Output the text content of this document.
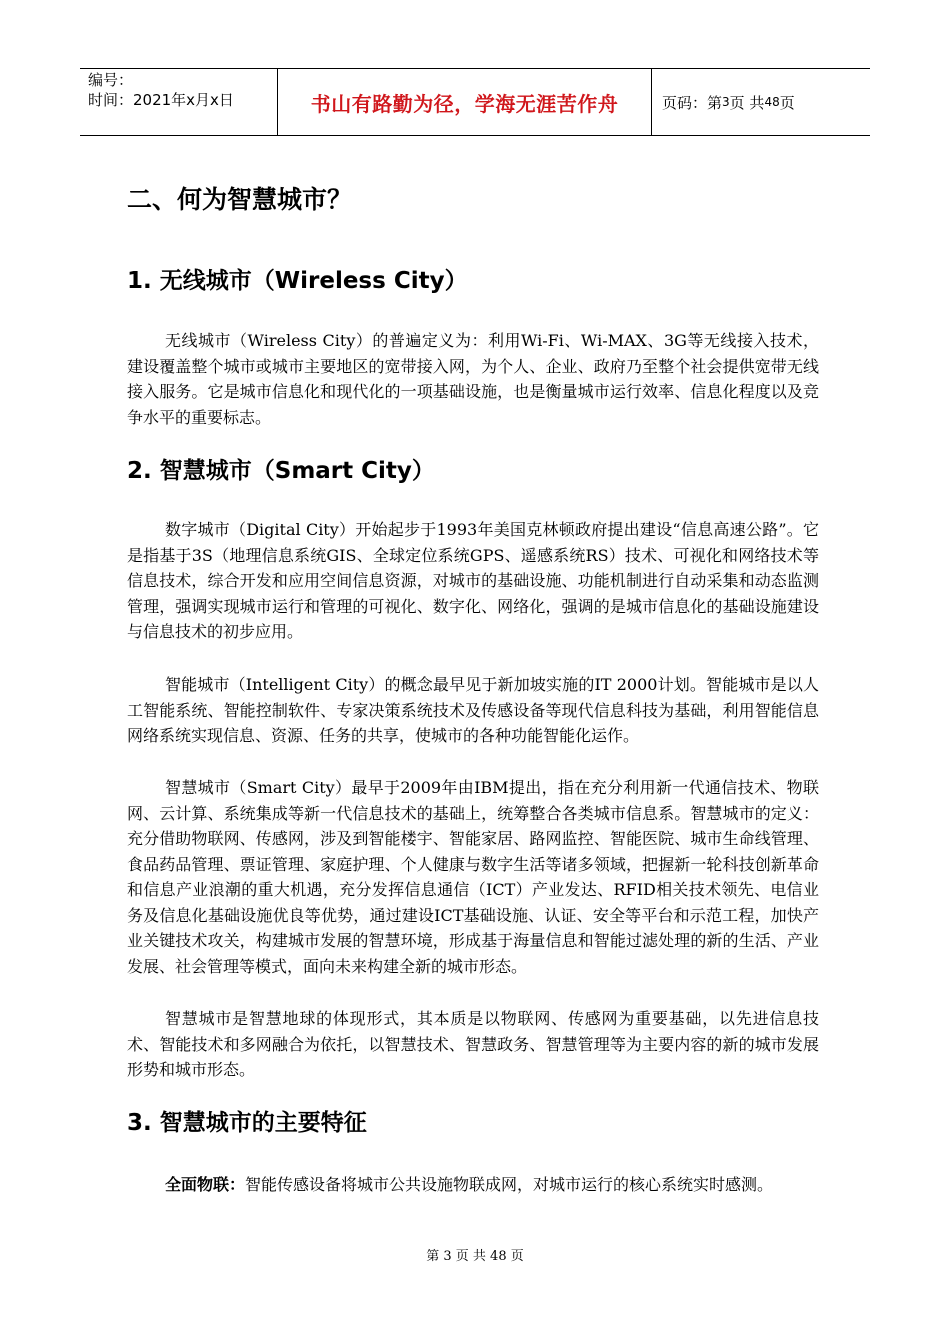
编号：
时间：2021年x月x日	书山有路勤为径，学海无涯苦作舟	页码：第 3 页 共 48 页
二、何为智慧城市？
1. 无线城市（Wireless City）

无线城市（Wireless City）的普遍定义为：利用Wi-Fi、Wi-MAX、3G等无线接入技术，建设覆盖整个城市或城市主要地区的宽带接入网，为个人、企业、政府乃至整个社会提供宽带无线接入服务。它是城市信息化和现代化的一项基础设施，也是衡量城市运行效率、信息化程度以及竞争水平的重要标志。

2. 智慧城市（Smart City）

数字城市（Digital City）开始起步于1993年美国克林顿政府提出建设“信息高速公路”。它是指基于3S（地理信息系统GIS、全球定位系统GPS、遥感系统RS）技术、可视化和网络技术等信息技术，综合开发和应用空间信息资源，对城市的基础设施、功能机制进行自动采集和动态监测管理，强调实现城市运行和管理的可视化、数字化、网络化，强调的是城市信息化的基础设施建设与信息技术的初步应用。

智能城市（Intelligent City）的概念最早见于新加坡实施的IT 2000计划。智能城市是以人工智能系统、智能控制软件、专家决策系统技术及传感设备等现代信息科技为基础，利用智能信息网络系统实现信息、资源、任务的共享，使城市的各种功能智能化运作。

智慧城市（Smart City）最早于2009年由IBM提出，指在充分利用新一代通信技术、物联网、云计算、系统集成等新一代信息技术的基础上，统筹整合各类城市信息系。智慧城市的定义：充分借助物联网、传感网，涉及到智能楼宇、智能家居、路网监控、智能医院、城市生命线管理、食品药品管理、票证管理、家庭护理、个人健康与数字生活等诸多领域，把握新一轮科技创新革命和信息产业浪潮的重大机遇，充分发挥信息通信（ICT）产业发达、RFID相关技术领先、电信业务及信息化基础设施优良等优势，通过建设ICT基础设施、认证、安全等平台和示范工程，加快产业关键技术攻关，构建城市发展的智慧环境，形成基于海量信息和智能过滤处理的新的生活、产业发展、社会管理等模式，面向未来构建全新的城市形态。

智慧城市是智慧地球的体现形式，其本质是以物联网、传感网为重要基础，以先进信息技术、智能技术和多网融合为依托，以智慧技术、智慧政务、智慧管理等为主要内容的新的城市发展形势和城市形态。

3. 智慧城市的主要特征

全面物联：智能传感设备将城市公共设施物联成网，对城市运行的核心系统实时感测。

第 3 页 共 48 页
